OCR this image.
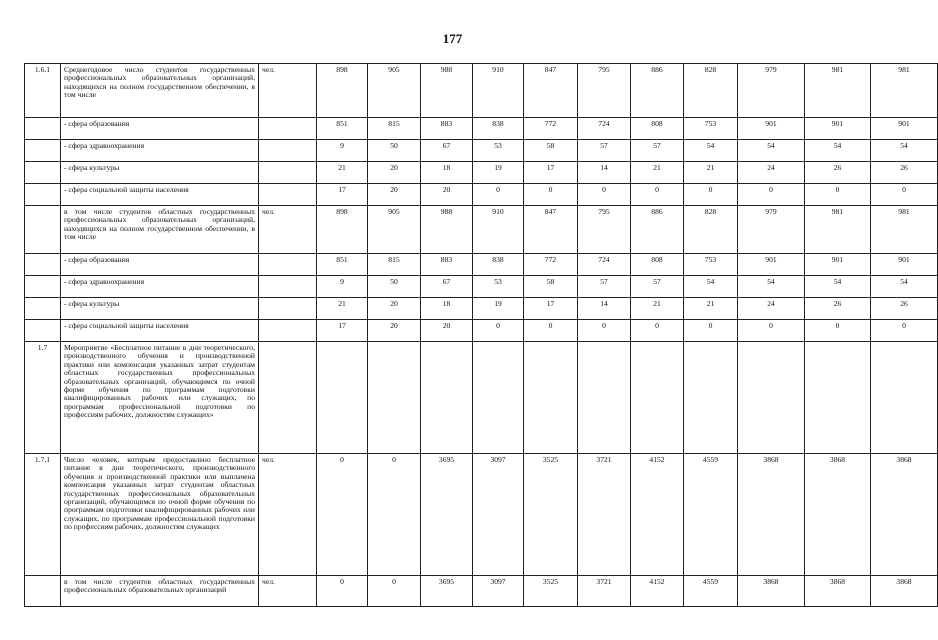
177
1.6.1	Среднегодовое число студентов государственных профессиональных образовательных организаций, находящихся на полном государственном обеспечении, в том числе	чел.	898	905	988	910	847	795	886	828	979	981	981
	- сфера образования		851	815	883	838	772	724	808	753	901	901	901
	- сфера здравоохранения		9	50	67	53	58	57	57	54	54	54	54
	- сфера культуры		21	20	18	19	17	14	21	21	24	26	26
	- сфера социальной защиты населения		17	20	20	0	0	0	0	0	0	0	0
	в том числе студентов областных государственных профессиональных образовательных организаций, находящихся на полном государственном обеспечении, в том числе	чел.	898	905	988	910	847	795	886	828	979	981	981
	- сфера образования		851	815	883	838	772	724	808	753	901	901	901
	- сфера здравоохранения		9	50	67	53	58	57	57	54	54	54	54
	- сфера культуры		21	20	18	19	17	14	21	21	24	26	26
	- сфера социальной защиты населения		17	20	20	0	0	0	0	0	0	0	0
1.7	Мероприятие «Бесплатное питание в дни теоретического, производственного обучения и производственной практики или компенсация указанных затрат студентам областных государственных профессиональных образовательных организаций, обучающимся по очной форме обучения по программам подготовки квалифицированных рабочих или служащих, по программам профессиональной подготовки по профессиям рабочих, должностям служащих»												
1.7.1	Число человек, которым предоставлено бесплатное питание в дни теоретического, производственного обучения и производственной практики или выплачена компенсация указанных затрат студентам областных государственных профессиональных образовательных организаций, обучающимся по очной форме обучения по программам подготовки квалифицированных рабочих или служащих, по программам профессиональной подготовки по профессиям рабочих, должностям служащих	чел.	0	0	3695	3097	3525	3721	4152	4559	3868	3868	3868
	в том числе студентов областных государственных профессиональных образовательных организаций	чел.	0	0	3695	3097	3525	3721	4152	4559	3868	3868	3868
